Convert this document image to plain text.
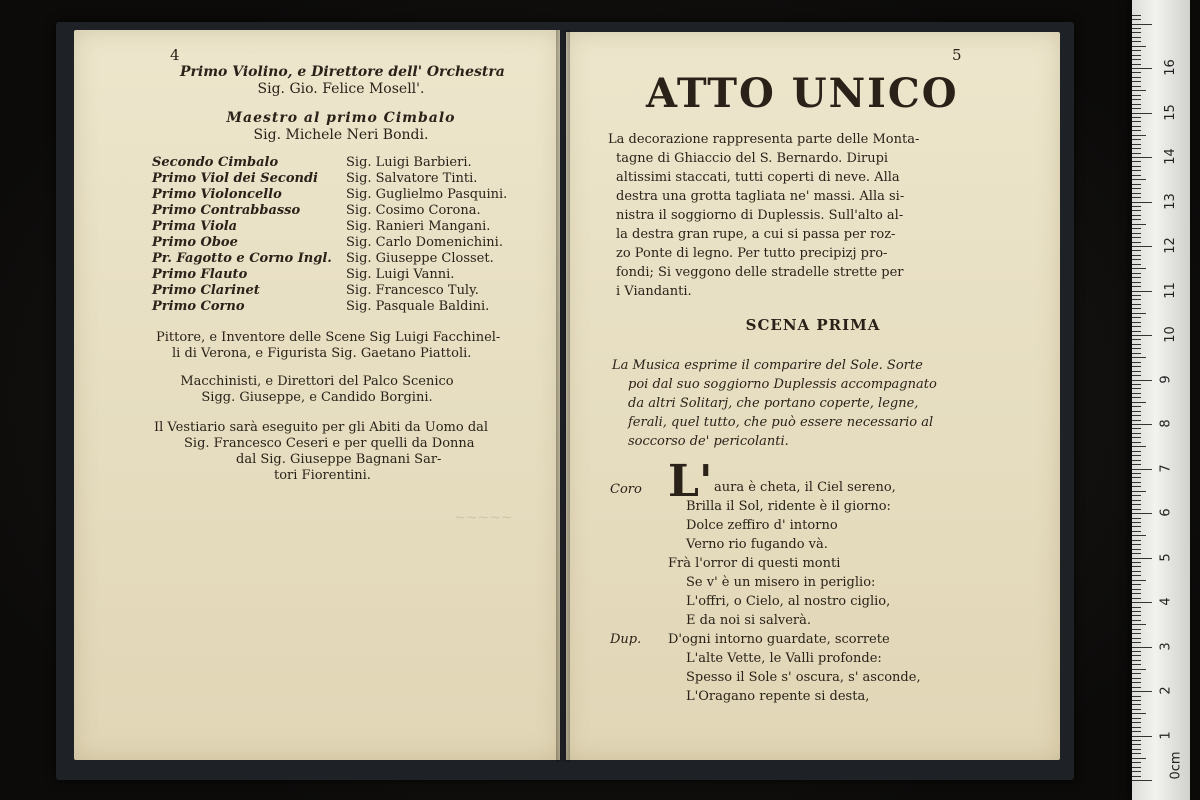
~~~~~
4
Primo Violino, e Direttore dell' Orchestra
Sig. Gio. Felice Mosell'.
Maestro al primo Cimbalo
Sig. Michele Neri Bondi.
Secondo Cimbalo	Sig. Luigi Barbieri.
Primo Viol dei Secondi Sig. Salvatore Tinti.
Primo Violoncello	Sig. Guglielmo Pasquini.
Primo Contrabbasso	Sig. Cosimo Corona.
Prima Viola	Sig. Ranieri Mangani.
Primo Oboe	Sig. Carlo Domenichini.
Pr. Fagotto e Corno Ingl. Sig. Giuseppe Closset.
Primo Flauto	Sig. Luigi Vanni.
Primo Clarinet	Sig. Francesco Tuly.
Primo Corno	Sig. Pasquale Baldini.
Pittore, e Inventore delle Scene Sig Luigi Facchinel-
li di Verona, e Figurista Sig. Gaetano Piattoli.
Macchinisti, e Direttori del Palco Scenico
Sigg. Giuseppe, e Candido Borgini.
Il Vestiario sarà eseguito per gli Abiti da Uomo dal
Sig. Francesco Ceseri e per quelli da Donna
dal Sig. Giuseppe Bagnani Sar-
tori Fiorentini.
5
ATTO UNICO
La decorazione rappresenta parte delle Monta-
tagne di Ghiaccio del S. Bernardo. Dirupi
altissimi staccati, tutti coperti di neve. Alla
destra una grotta tagliata ne' massi. Alla si-
nistra il soggiorno di Duplessis. Sull'alto al-
la destra gran rupe, a cui si passa per roz-
zo Ponte di legno. Per tutto precipizj pro-
fondi; Si veggono delle stradelle strette per
i Viandanti.
SCENA PRIMA
La Musica esprime il comparire del Sole. Sorte
poi dal suo soggiorno Duplessis accompagnato
da altri Solitarj, che portano coperte, legne,
ferali, quel tutto, che può essere necessario al
soccorso de' pericolanti.
Coro L' aura è cheta, il Ciel sereno,
Brilla il Sol, ridente è il giorno:
Dolce zeffiro d' intorno
Verno rio fugando và.
Frà l'orror di questi monti
Se v' è un misero in periglio:
L'offri, o Cielo, al nostro ciglio,
E da noi si salverà.
Dup. D'ogni intorno guardate, scorrete
L'alte Vette, le Valli profonde:
Spesso il Sole s' oscura, s' asconde,
L'Oragano repente si desta,
0cm
1
2
3
4
5
6
7
8
9
10
11
12
13
14
15
16
